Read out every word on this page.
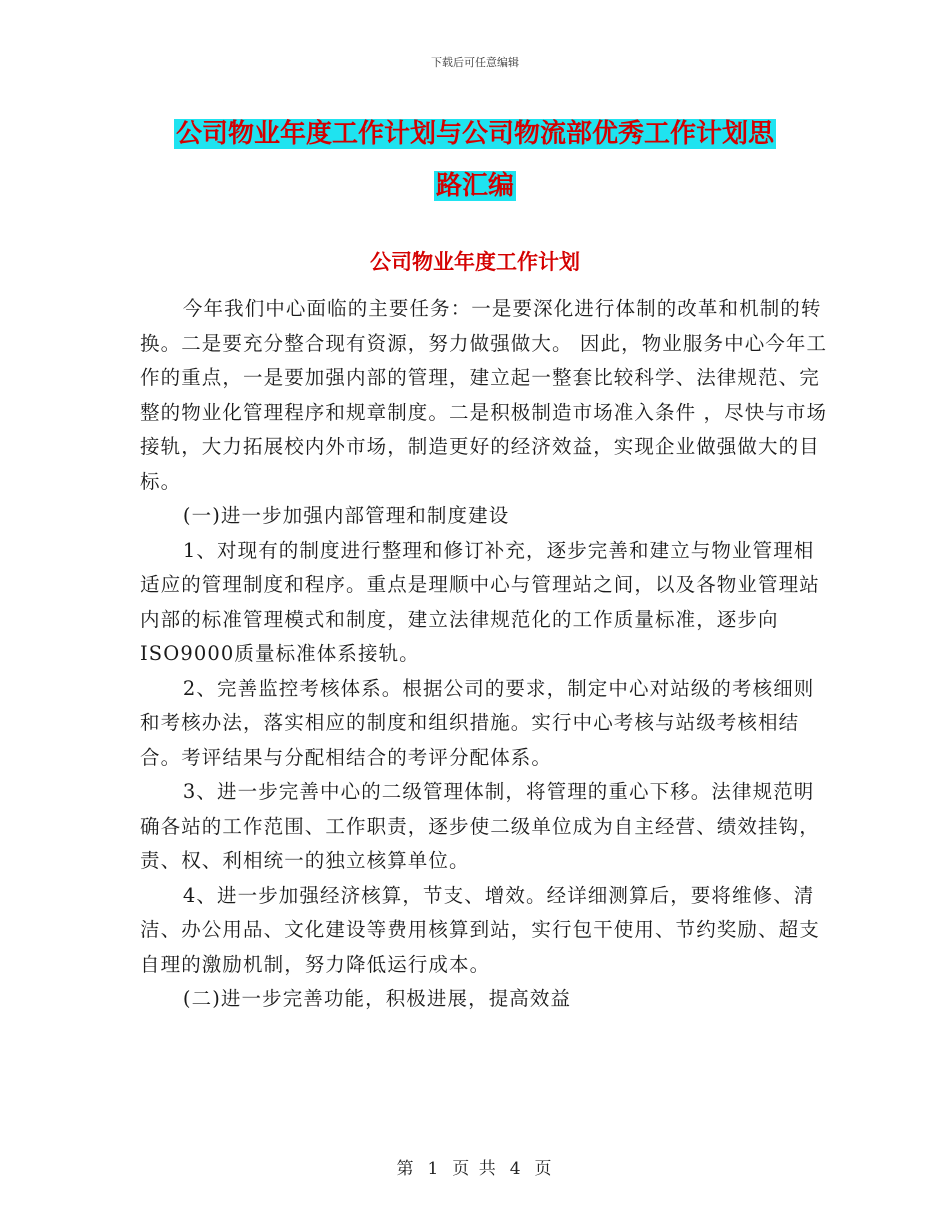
下载后可任意编辑
公司物业年度工作计划与公司物流部优秀工作计划思
路汇编
公司物业年度工作计划

今年我们中心面临的主要任务：一是要深化进行体制的改革和机制的转换。二是要充分整合现有资源，努力做强做大。 因此，物业服务中心今年工作的重点，一是要加强内部的管理，建立起一整套比较科学、法律规范、完整的物业化管理程序和规章制度。二是积极制造市场准入条件 ，尽快与市场接轨，大力拓展校内外市场，制造更好的经济效益，实现企业做强做大的目标。

(一)进一步加强内部管理和制度建设

1、对现有的制度进行整理和修订补充，逐步完善和建立与物业管理相适应的管理制度和程序。重点是理顺中心与管理站之间，以及各物业管理站内部的标准管理模式和制度，建立法律规范化的工作质量标准，逐步向ISO9000质量标准体系接轨。

2、完善监控考核体系。根据公司的要求，制定中心对站级的考核细则和考核办法，落实相应的制度和组织措施。实行中心考核与站级考核相结合。考评结果与分配相结合的考评分配体系。

3、进一步完善中心的二级管理体制，将管理的重心下移。法律规范明确各站的工作范围、工作职责，逐步使二级单位成为自主经营、绩效挂钩，责、权、利相统一的独立核算单位。

4、进一步加强经济核算，节支、增效。经详细测算后，要将维修、清洁、办公用品、文化建设等费用核算到站，实行包干使用、节约奖励、超支自理的激励机制，努力降低运行成本。

(二)进一步完善功能，积极进展，提高效益

第 1 页 共 4 页
